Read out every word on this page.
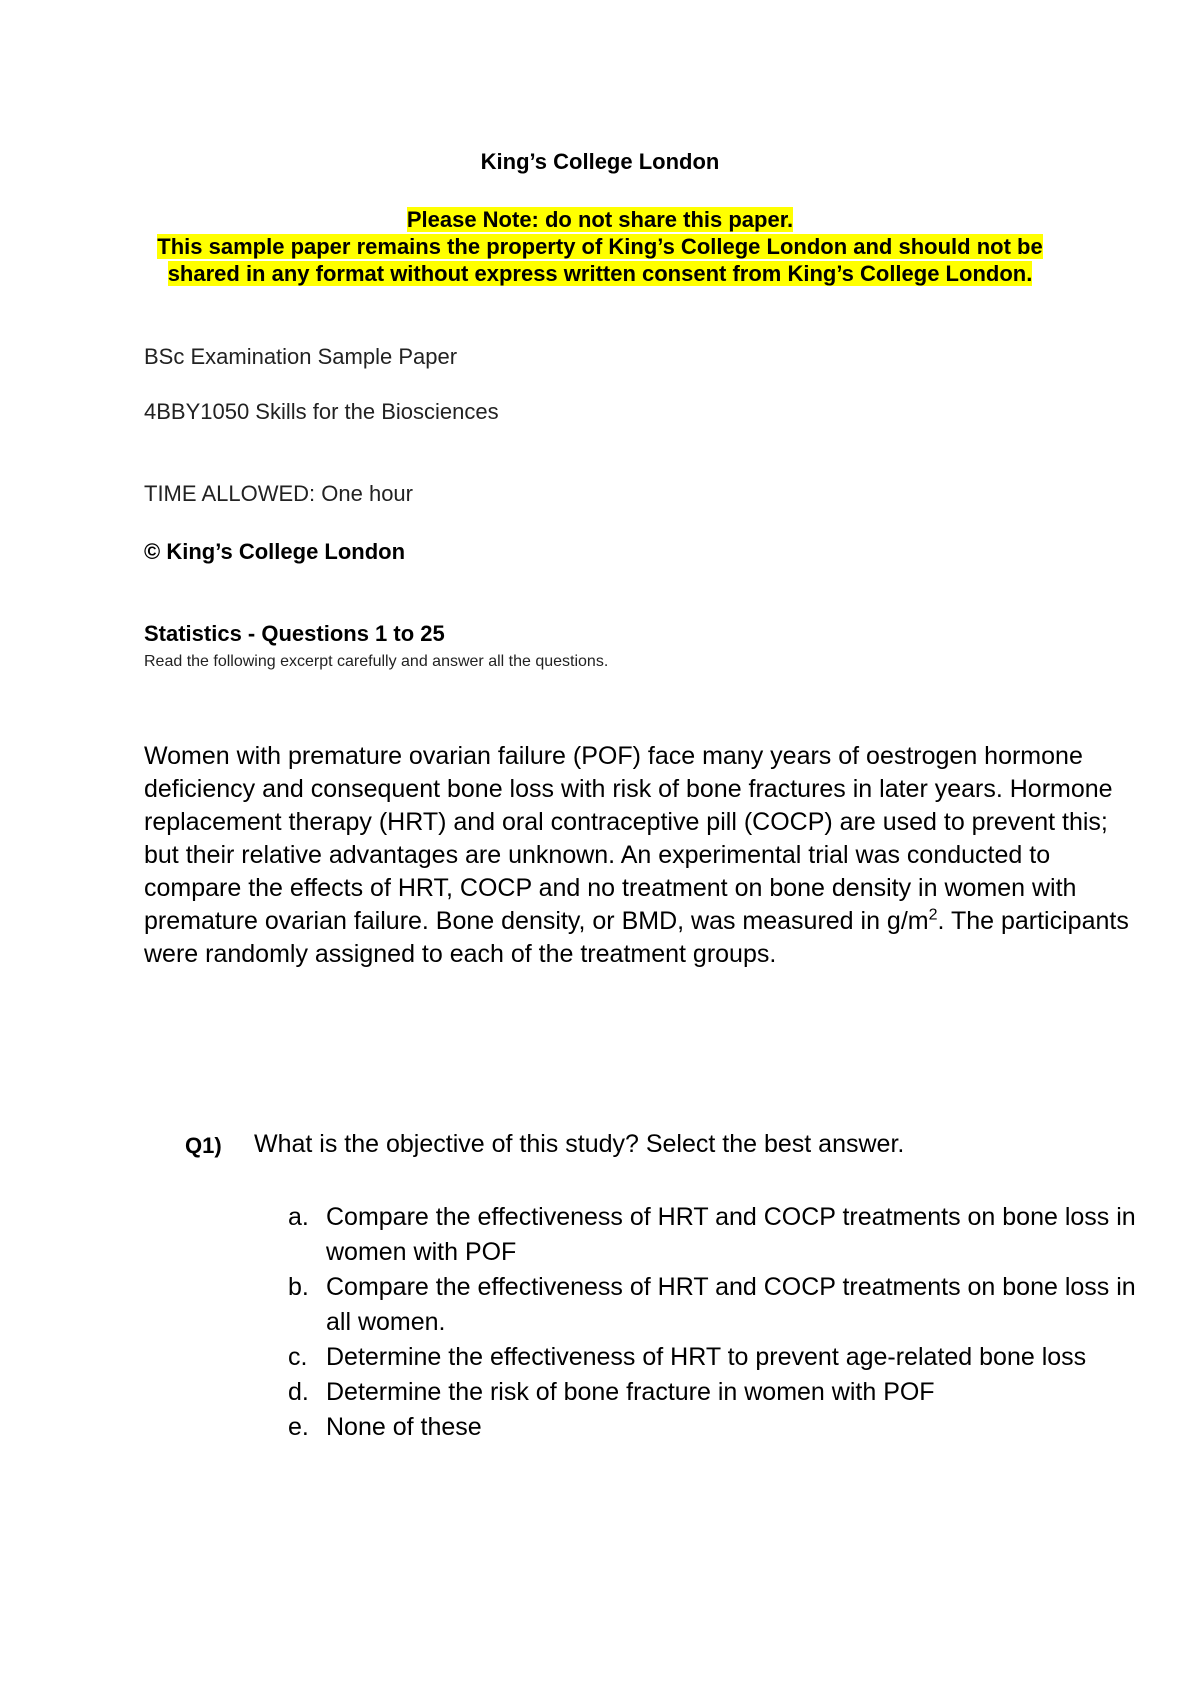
King’s College London
Please Note: do not share this paper.
This sample paper remains the property of King’s College London and should not be
shared in any format without express written consent from King’s College London.
BSc Examination Sample Paper
4BBY1050 Skills for the Biosciences
TIME ALLOWED: One hour
© King’s College London
Statistics - Questions 1 to 25
Read the following excerpt carefully and answer all the questions.
Women with premature ovarian failure (POF) face many years of oestrogen hormone deficiency and consequent bone loss with risk of bone fractures in later years. Hormone replacement therapy (HRT) and oral contraceptive pill (COCP) are used to prevent this; but their relative advantages are unknown. An experimental trial was conducted to compare the effects of HRT, COCP and no treatment on bone density in women with premature ovarian failure. Bone density, or BMD, was measured in $g/m^2$. The participants were randomly assigned to each of the treatment groups.
Q1) What is the objective of this study? Select the best answer.
a. Compare the effectiveness of HRT and COCP treatments on bone loss in women with POF
b. Compare the effectiveness of HRT and COCP treatments on bone loss in all women.
c. Determine the effectiveness of HRT to prevent age-related bone loss
d. Determine the risk of bone fracture in women with POF
e. None of these
